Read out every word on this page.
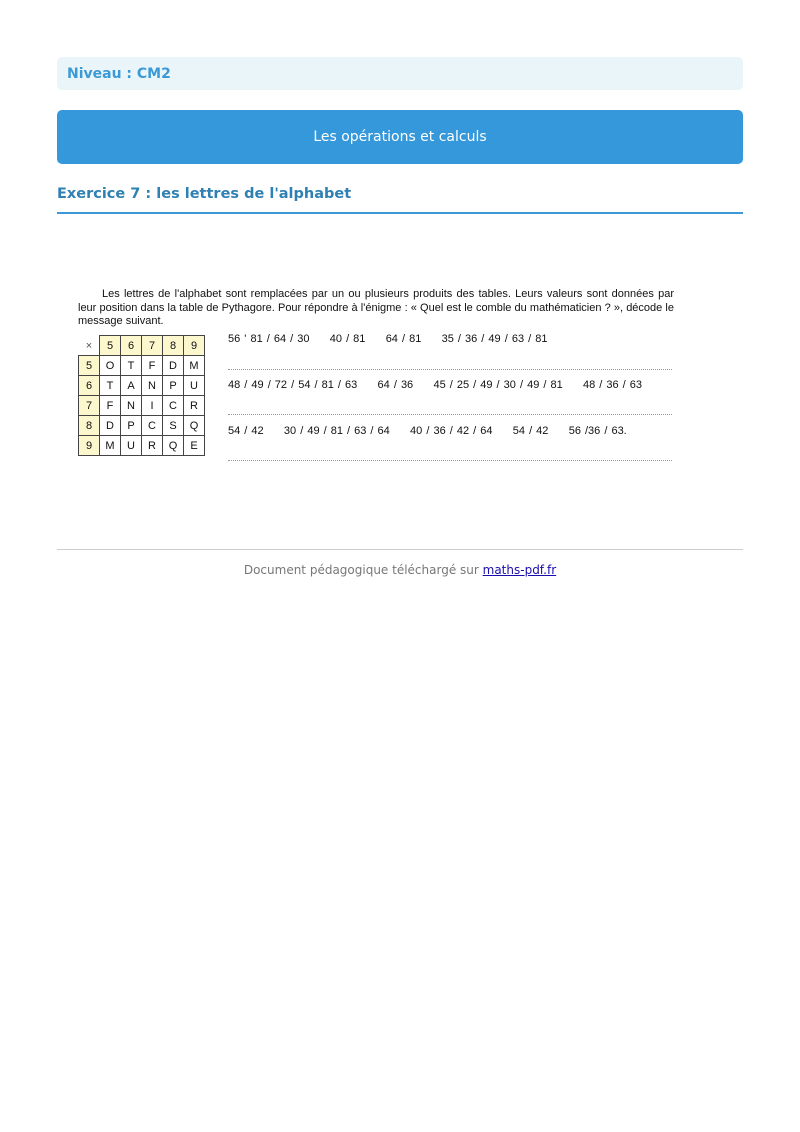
Niveau : CM2
Les opérations et calculs
Exercice 7 : les lettres de l'alphabet

Les lettres de l'alphabet sont remplacées par un ou plusieurs produits des tables. Leurs valeurs sont données par leur position dans la table de Pythagore. Pour répondre à l'énigme : « Quel est le comble du mathématicien ? », décode le message suivant.

×	5	6	7	8	9
5	O	T	F	D	M
6	T	A	N	P	U
7	F	N	I	C	R
8	D	P	C	S	Q
9	M	U	R	Q	E
56 ' 81 / 64 / 30     40 / 81     64 / 81     35 / 36 / 49 / 63 / 81
48 / 49 / 72 / 54 / 81 / 63     64 / 36     45 / 25 / 49 / 30 / 49 / 81     48 / 36 / 63
54 / 42     30 / 49 / 81 / 63 / 64     40 / 36 / 42 / 64     54 / 42     56 /36 / 63.
Document pédagogique téléchargé sur maths-pdf.fr
